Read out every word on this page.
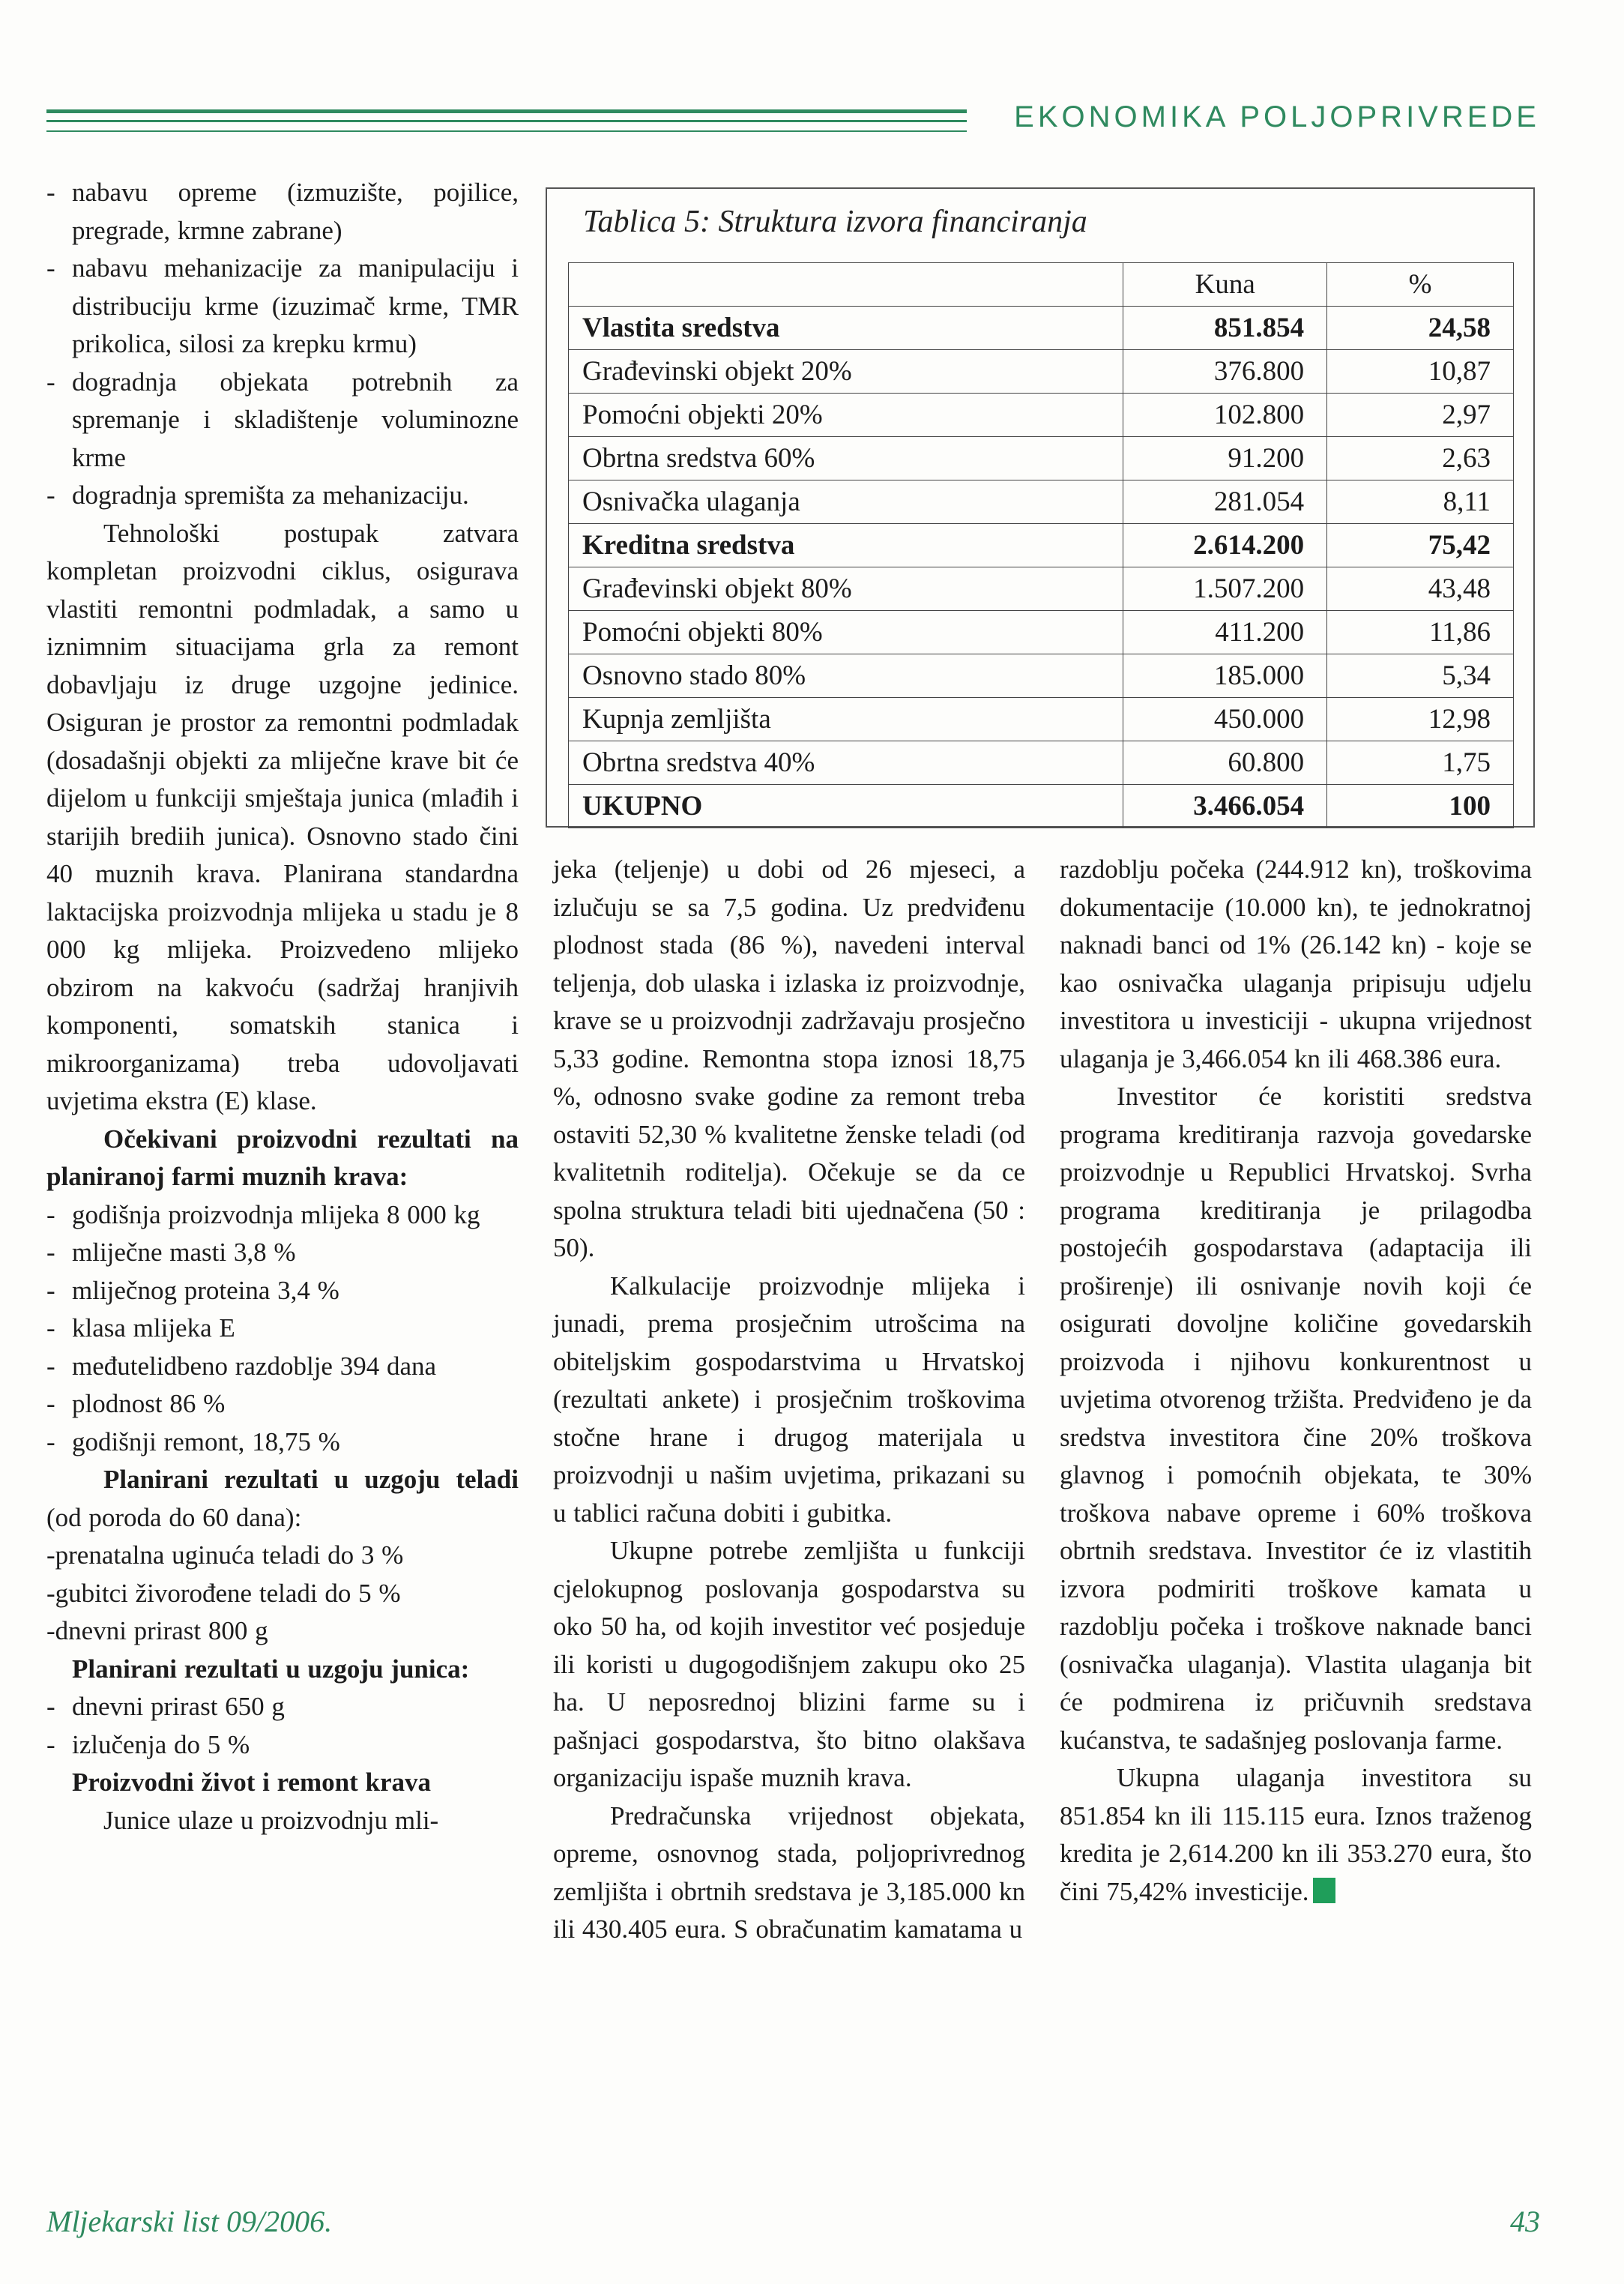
EKONOMIKA POLJOPRIVREDE
- nabavu opreme (izmuzište, pojilice, pregrade, krmne zabrane)
- nabavu mehanizacije za manipulaciju i distribuciju krme (izuzimač krme, TMR prikolica, silosi za krepku krmu)
- dogradnja objekata potrebnih za spremanje i skladištenje voluminozne krme
- dogradnja spremišta za mehanizaciju.

Tehnološki postupak zatvara kompletan proizvodni ciklus, osigurava vlastiti remontni podmladak, a samo u iznimnim situacijama grla za remont dobavljaju iz druge uzgojne jedinice. Osiguran je prostor za remontni podmladak (dosadašnji objekti za mliječne krave bit će dijelom u funkciji smještaja junica (mlađih i starijih brediih junica). Osnovno stado čini 40 muznih krava. Planirana standardna laktacijska proizvodnja mlijeka u stadu je 8 000 kg mlijeka. Proizvedeno mlijeko obzirom na kakvoću (sadržaj hranjivih komponenti, somatskih stanica i mikroorganizama) treba udovoljavati uvjetima ekstra (E) klase.

Očekivani proizvodni rezultati na planiranoj farmi muznih krava:

- godišnja proizvodnja mlijeka 8 000 kg
- mliječne masti 3,8 %
- mliječnog proteina 3,4 %
- klasa mlijeka E
- međutelidbeno razdoblje 394 dana
- plodnost 86 %
- godišnji remont, 18,75 %

Planirani rezultati u uzgoju teladi (od poroda do 60 dana):

-prenatalna uginuća teladi do 3 %

-gubitci živorođene teladi do 5 %

-dnevni prirast 800 g

Planirani rezultati u uzgoju junica:

- dnevni prirast 650 g
- izlučenja do 5 %

Proizvodni život i remont krava

Junice ulaze u proizvodnju mli-

Tablica 5: Struktura izvora financiranja
	Kuna	%
Vlastita sredstva	851.854	24,58
Građevinski objekt 20%	376.800	10,87
Pomoćni objekti 20%	102.800	2,97
Obrtna sredstva 60%	91.200	2,63
Osnivačka ulaganja	281.054	8,11
Kreditna sredstva	2.614.200	75,42
Građevinski objekt 80%	1.507.200	43,48
Pomoćni objekti 80%	411.200	11,86
Osnovno stado 80%	185.000	5,34
Kupnja zemljišta	450.000	12,98
Obrtna sredstva 40%	60.800	1,75
UKUPNO	3.466.054	100

jeka (teljenje) u dobi od 26 mjeseci, a izlučuju se sa 7,5 godina. Uz predviđenu plodnost stada (86 %), navedeni interval teljenja, dob ulaska i izlaska iz proizvodnje, krave se u proizvodnji zadržavaju prosječno 5,33 godine. Remontna stopa iznosi 18,75 %, odnosno svake godine za remont treba ostaviti 52,30 % kvalitetne ženske teladi (od kvalitetnih roditelja). Očekuje se da ce spolna struktura teladi biti ujednačena (50 : 50).

Kalkulacije proizvodnje mlijeka i junadi, prema prosječnim utrošcima na obiteljskim gospodarstvima u Hrvatskoj (rezultati ankete) i prosječnim troškovima stočne hrane i drugog materijala u proizvodnji u našim uvjetima, prikazani su u tablici računa dobiti i gubitka.

Ukupne potrebe zemljišta u funkciji cjelokupnog poslovanja gospodarstva su oko 50 ha, od kojih investitor već posjeduje ili koristi u dugogodišnjem zakupu oko 25 ha. U neposrednoj blizini farme su i pašnjaci gospodarstva, što bitno olakšava organizaciju ispaše muznih krava.

Predračunska vrijednost objekata, opreme, osnovnog stada, poljoprivrednog zemljišta i obrtnih sredstava je 3,185.000 kn ili 430.405 eura. S obračunatim kamatama u

razdoblju počeka (244.912 kn), troškovima dokumentacije (10.000 kn), te jednokratnoj naknadi banci od 1% (26.142 kn) - koje se kao osnivačka ulaganja pripisuju udjelu investitora u investiciji - ukupna vrijednost ulaganja je 3,466.054 kn ili 468.386 eura.

Investitor će koristiti sredstva programa kreditiranja razvoja govedarske proizvodnje u Republici Hrvatskoj. Svrha programa kreditiranja je prilagodba postojećih gospodarstava (adaptacija ili proširenje) ili osnivanje novih koji će osigurati dovoljne količine govedarskih proizvoda i njihovu konkurentnost u uvjetima otvorenog tržišta. Predviđeno je da sredstva investitora čine 20% troškova glavnog i pomoćnih objekata, te 30% troškova nabave opreme i 60% troškova obrtnih sredstava. Investitor će iz vlastitih izvora podmiriti troškove kamata u razdoblju počeka i troškove naknade banci (osnivačka ulaganja). Vlastita ulaganja bit će podmirena iz pričuvnih sredstava kućanstva, te sadašnjeg poslovanja farme.

Ukupna ulaganja investitora su 851.854 kn ili 115.115 eura. Iznos traženog kredita je 2,614.200 kn ili 353.270 eura, što čini 75,42% investicije.

Mljekarski list 09/2006.	43
